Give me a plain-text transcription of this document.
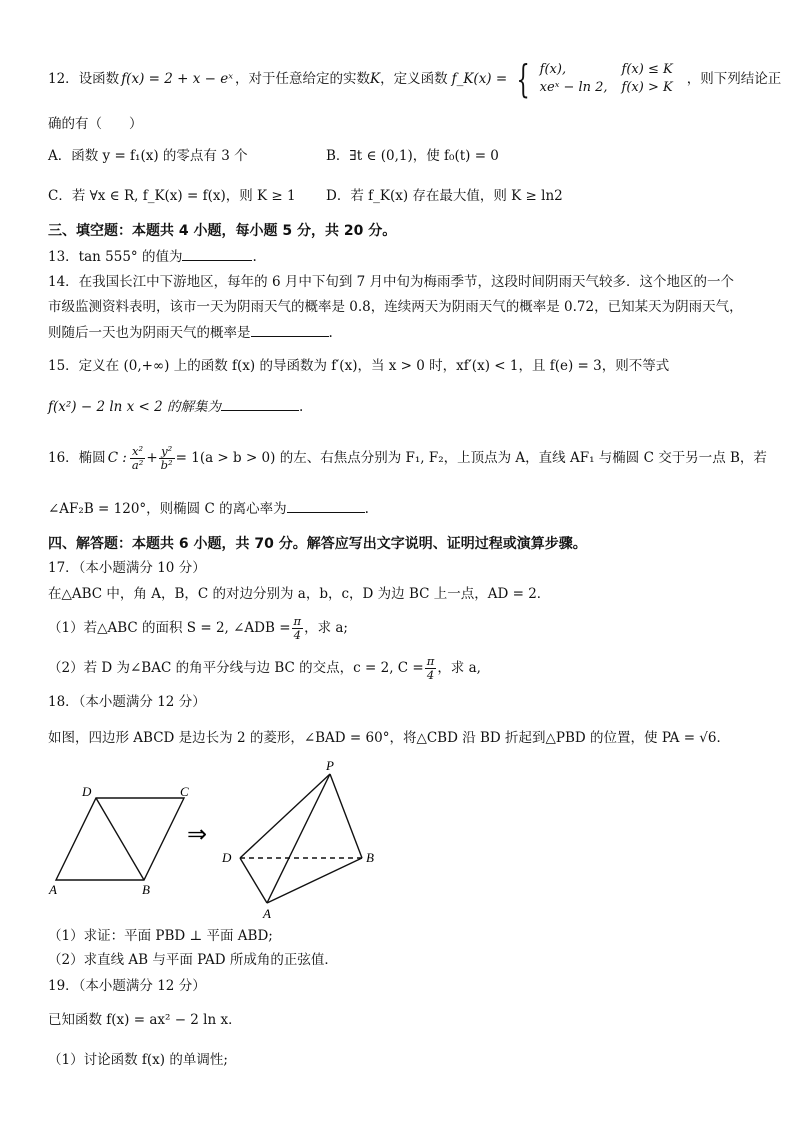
12． 设函数 f(x) = 2 + x − eˣ ，对于任意给定的实数 K ，定义函数 f_K(x) = { f(x),	f(x) ≤ K
xeˣ − ln 2,	f(x) > K
，则下列结论正
确的有（　　）
A．函数 y = f₁(x) 的零点有 3 个	B．∃t ∈ (0,1)，使 f₀(t) = 0
C．若 ∀x ∈ R, f_K(x) = f(x)，则 K ≥ 1 D．若 f_K(x) 存在最大值，则 K ≥ ln2
三、填空题：本题共 4 小题，每小题 5 分，共 20 分。
13．tan 555° 的值为	.
14．在我国长江中下游地区，每年的 6 月中下旬到 7 月中旬为梅雨季节，这段时间阴雨天气较多．这个地区的一个
市级监测资料表明，该市一天为阴雨天气的概率是 0.8，连续两天为阴雨天气的概率是 0.72，已知某天为阴雨天气，
则随后一天也为阴雨天气的概率是	.
15．定义在 (0,+∞) 上的函数 f(x) 的导函数为 f′(x)，当 x > 0 时，xf′(x) < 1，且 f(e) = 3，则不等式
f(x²) − 2 ln x < 2 的解集为	.
16．椭圆 C : $\frac{\text{x²}}{\text{a²}} + \frac{\text{y²}}{\text{b²}} = 1(a > b > 0)$ 的左、右焦点分别为 F₁, F₂，上顶点为 A，直线 AF₁ 与椭圆 C 交于另一点 B，若
∠AF₂B = 120°，则椭圆 C 的离心率为	.
四、解答题：本题共 6 小题，共 70 分。解答应写出文字说明、证明过程或演算步骤。
17．（本小题满分 10 分）
在△ABC 中，角 A，B，C 的对边分别为 a，b，c，D 为边 BC 上一点，AD = 2．
（1）若△ABC 的面积 S = 2, ∠ADB = $\frac{\pi}{4}$ ，求 a;
（2）若 D 为∠BAC 的角平分线与边 BC 的交点，c = 2, $C = \frac{\pi}{4}$ ，求 a,
18．（本小题满分 12 分）
如图，四边形 ABCD 是边长为 2 的菱形，∠BAD = 60°，将△CBD 沿 BD 折起到△PBD 的位置，使 PA = √6．
D	C
A	B
⇒
P
D	B
A
（1）求证：平面 PBD ⊥ 平面 ABD;
（2）求直线 AB 与平面 PAD 所成角的正弦值．
19．（本小题满分 12 分）
已知函数 f(x) = ax² − 2 ln x．
（1）讨论函数 f(x) 的单调性;
